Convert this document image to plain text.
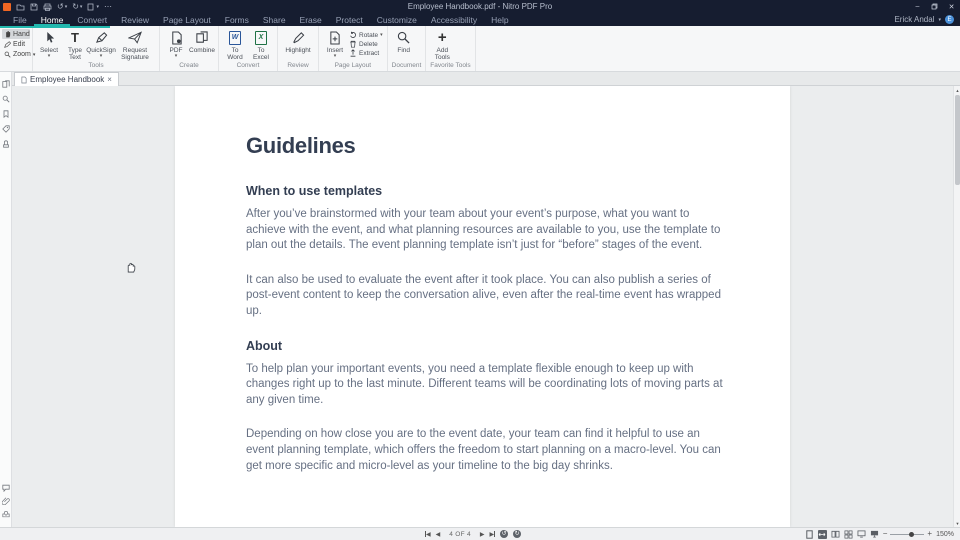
↺ ▾ ↻ ▾	▾ ⋯	Employee Handbook.pdf - Nitro PDF Pro	–	✕
File	Home	Convert	Review	Page Layout	Forms	Share	Erase	Protect	Customize	Accessibility	Help	Erick Andal ▾	E
Hand
Edit
Zoom ▾
Select
▾
T
Type Text
QuickSign
▾
Request Signature
Tools
PDF
▾
Combine
Create
W
To Word
X
To Excel
Convert
Highlight
Review
Insert
▾
Rotate ▾
Delete
Extract
Page Layout
Find
Document
+
Add Tools
Favorite Tools
Employee Handbook ×
Guidelines
When to use templates

After you’ve brainstormed with your team about your event’s purpose, what you want to achieve with the event, and what planning resources are available to you, use the template to plan out the details. The event planning template isn’t just for “before” stages of the event.

It can also be used to evaluate the event after it took place. You can also publish a series of post-event content to keep the conversation alive, even after the real-time event has wrapped up.

About

To help plan your important events, you need a template flexible enough to keep up with changes right up to the last minute. Different teams will be coordinating lots of moving parts at any given time.

Depending on how close you are to the event date, your team can find it helpful to use an event planning template, which offers the freedom to start planning on a macro-level. You can get more specific and micro-level as your timeline to the big day shrinks.

▲
▼
◀ ◀	4 OF 4	▶ ▶ ↺ ↻	−	+ 150%
